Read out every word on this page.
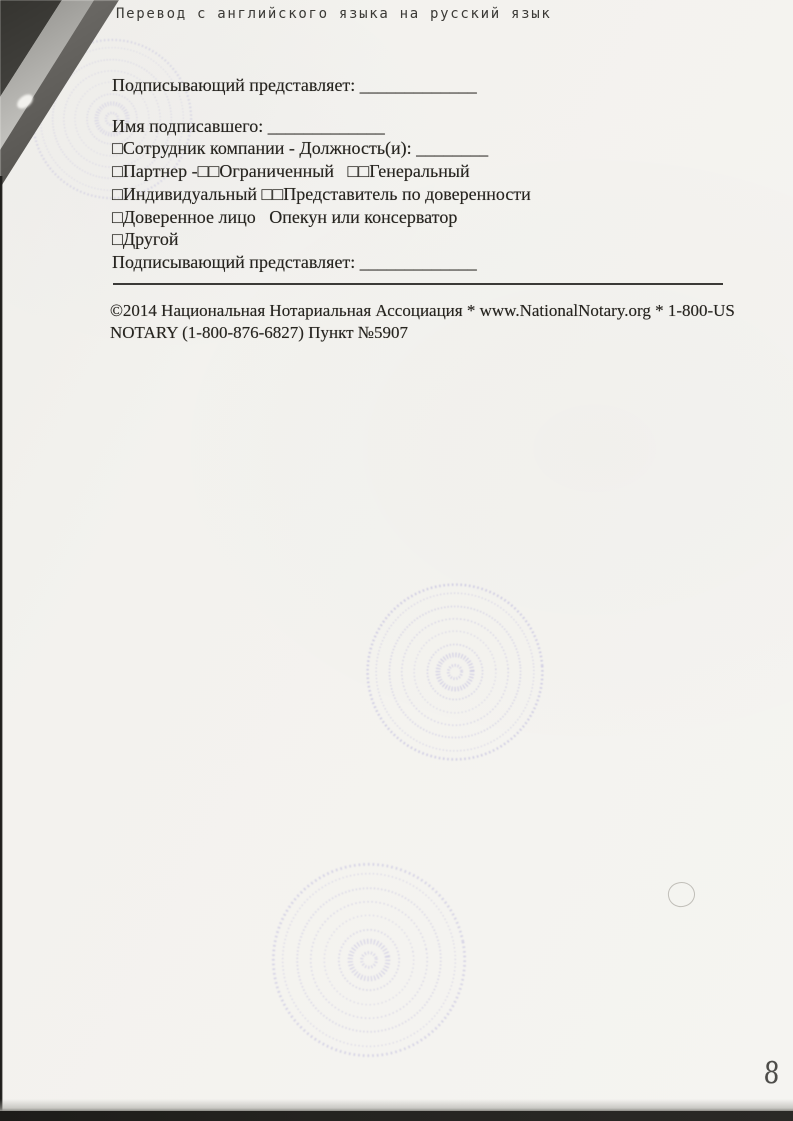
Перевод с английского языка на русский язык

Подписывающий представляет: _____________

Имя подписавшего: _____________

□Сотрудник компании - Должность(и): ________

□Партнер -□□Ограниченный   □□Генеральный

□Индивидуальный □□Представитель по доверенности

□Доверенное лицо   Опекун или консерватор

□Другой

Подписывающий представляет: _____________

©2014 Национальная Нотариальная Ассоциация * www.NationalNotary.org * 1-800-US

NOTARY (1-800-876-6827) Пункт №5907

8
